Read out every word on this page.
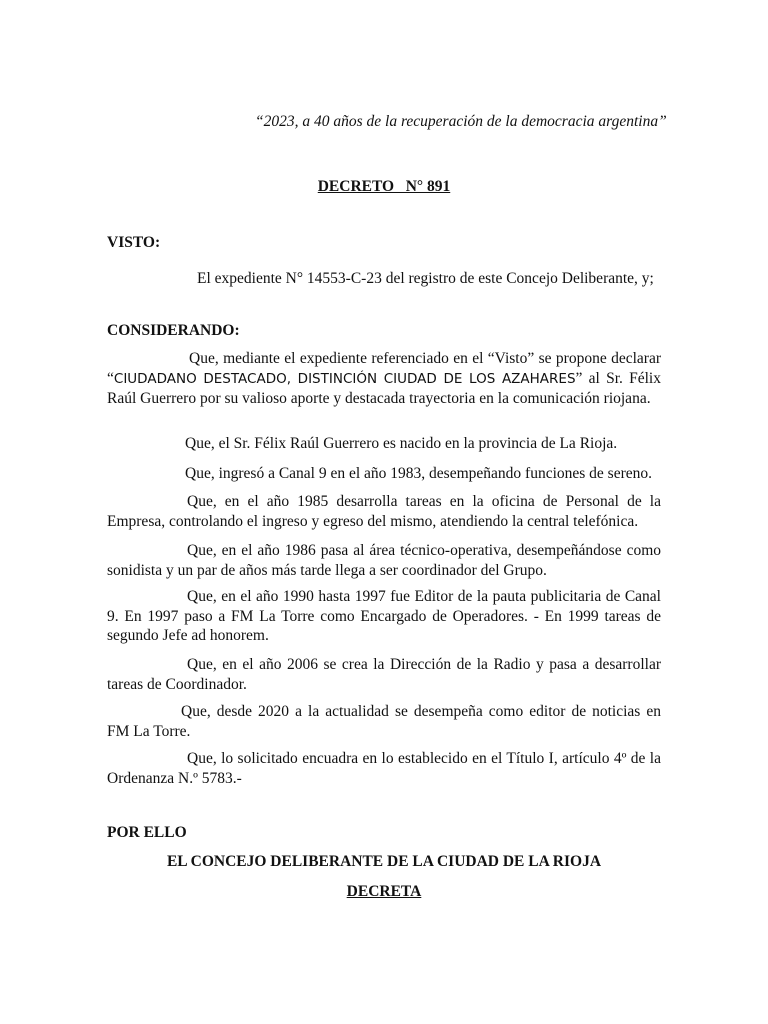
“2023, a 40 años de la recuperación de la democracia argentina”
DECRETO   N° 891
VISTO:
El expediente N° 14553-C-23 del registro de este Concejo Deliberante, y;
CONSIDERANDO:
Que, mediante el expediente referenciado en el “Visto” se propone declarar “CIUDADANO DESTACADO, DISTINCIÓN CIUDAD DE LOS AZAHARES” al Sr. Félix Raúl Guerrero por su valioso aporte y destacada trayectoria en la comunicación riojana.
Que, el Sr. Félix Raúl Guerrero es nacido en la provincia de La Rioja.
Que, ingresó a Canal 9 en el año 1983, desempeñando funciones de sereno.
Que, en el año 1985 desarrolla tareas en la oficina de Personal de la Empresa, controlando el ingreso y egreso del mismo, atendiendo la central telefónica.
Que, en el año 1986 pasa al área técnico-operativa, desempeñándose como sonidista y un par de años más tarde llega a ser coordinador del Grupo.
Que, en el año 1990 hasta 1997 fue Editor de la pauta publicitaria de Canal 9. En 1997 paso a FM La Torre como Encargado de Operadores. - En 1999 tareas de segundo Jefe ad honorem.
Que, en el año 2006 se crea la Dirección de la Radio y pasa a desarrollar tareas de Coordinador.
Que, desde 2020 a la actualidad se desempeña como editor de noticias en FM La Torre.
Que, lo solicitado encuadra en lo establecido en el Título I, artículo 4º de la Ordenanza N.º 5783.-
POR ELLO
EL CONCEJO DELIBERANTE DE LA CIUDAD DE LA RIOJA
DECRETA
